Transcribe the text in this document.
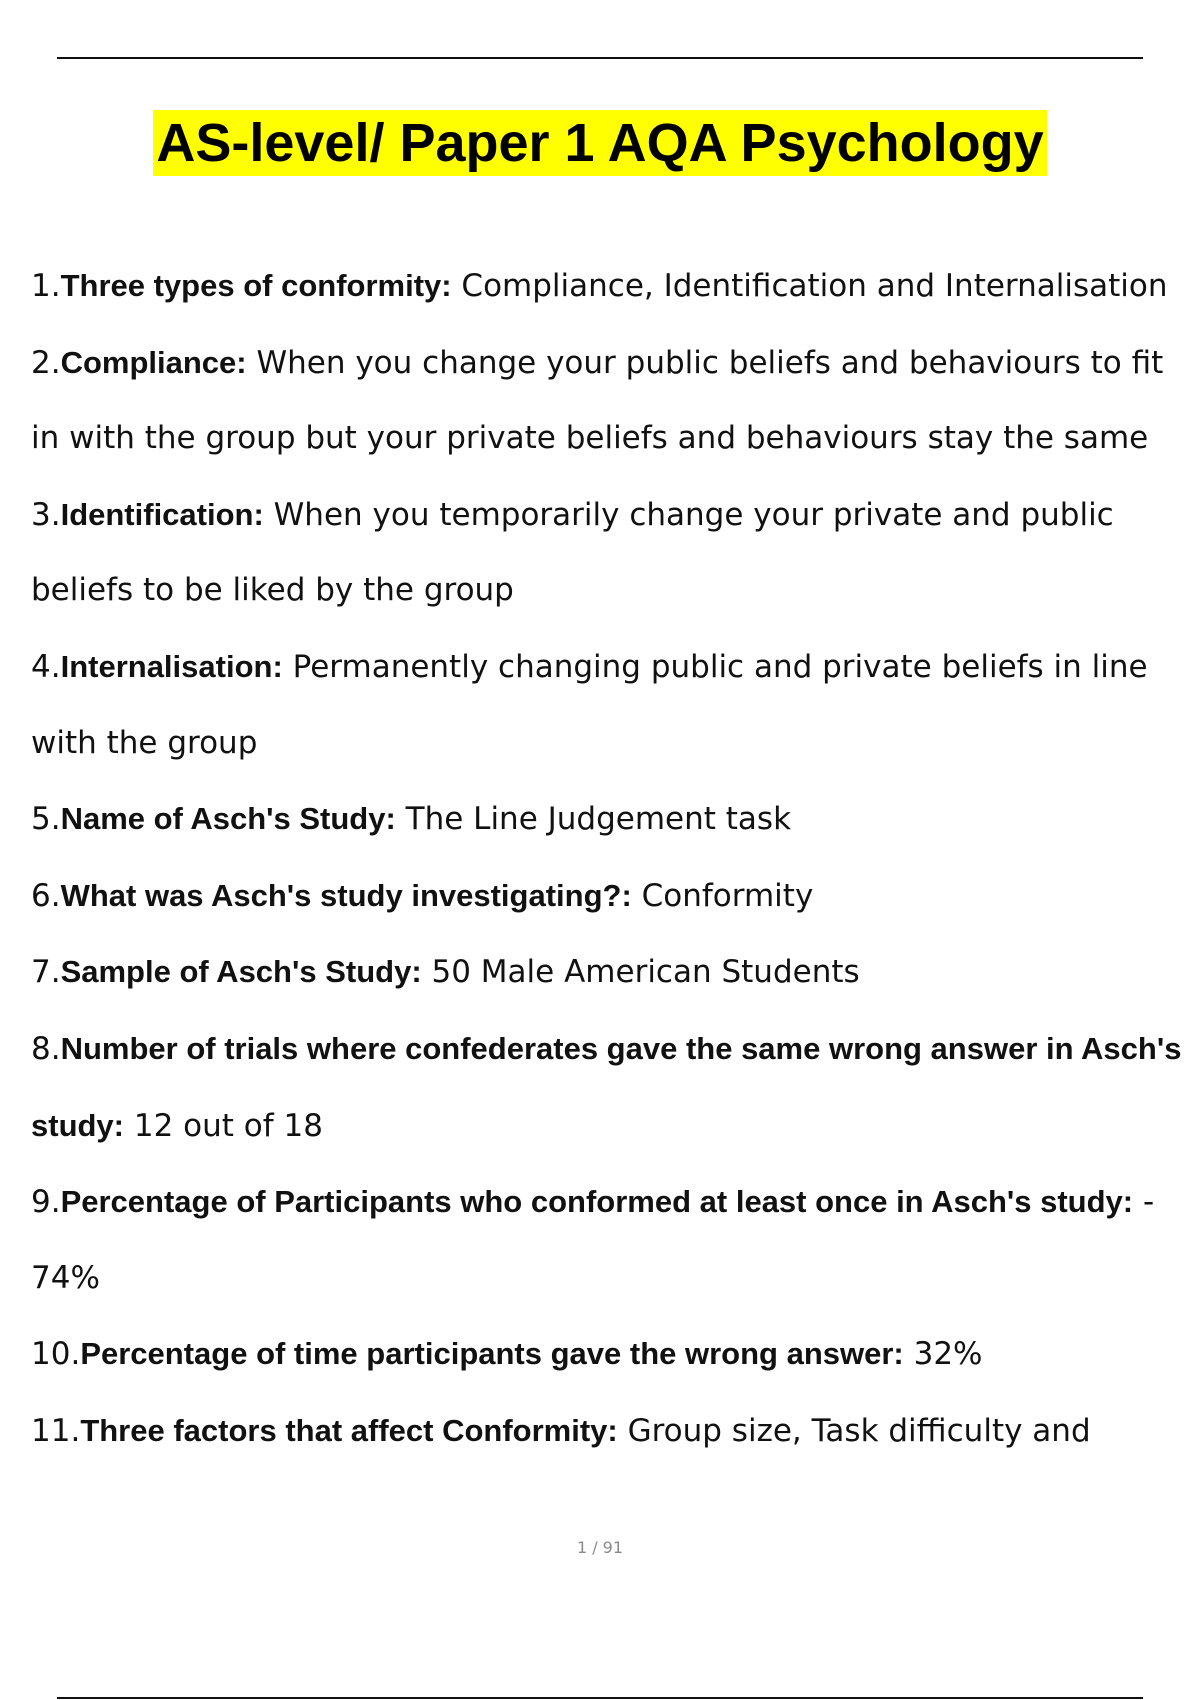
AS-level/ Paper 1 AQA Psychology
1.Three types of conformity: Compliance, Identification and Internalisation
2.Compliance: When you change your public beliefs and behaviours to fit in with the group but your private beliefs and behaviours stay the same
3.Identification: When you temporarily change your private and public beliefs to be liked by the group
4.Internalisation: Permanently changing public and private beliefs in line with the group
5.Name of Asch's Study: The Line Judgement task
6.What was Asch's study investigating?: Conformity
7.Sample of Asch's Study: 50 Male American Students
8.Number of trials where confederates gave the same wrong answer in Asch's study: 12 out of 18
9.Percentage of Participants who conformed at least once in Asch's study: - 74%
10.Percentage of time participants gave the wrong answer: 32%
11.Three factors that affect Conformity: Group size, Task difficulty and
1 / 91
